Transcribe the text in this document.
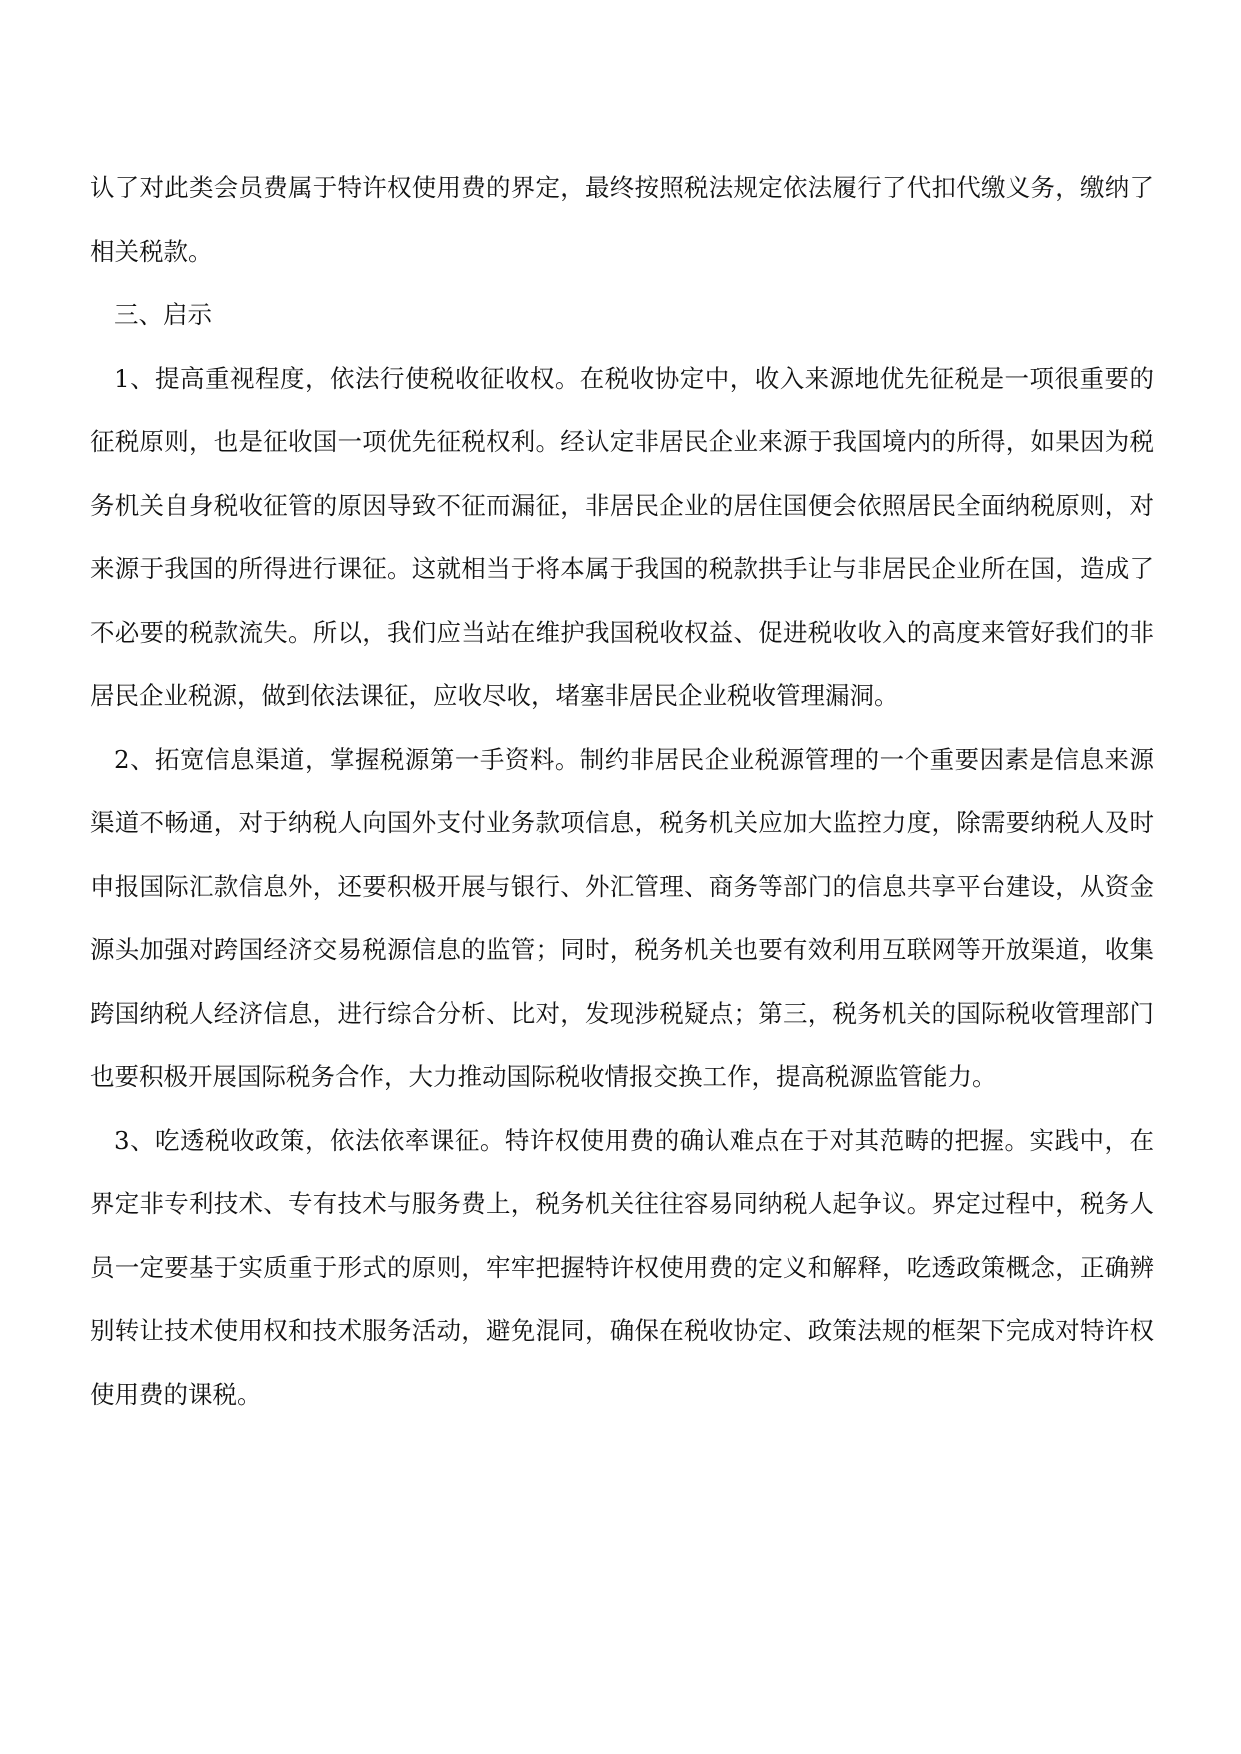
认了对此类会员费属于特许权使用费的界定，最终按照税法规定依法履行了代扣代缴义务，缴纳了相关税款。

三、启示

1、提高重视程度，依法行使税收征收权。在税收协定中，收入来源地优先征税是一项很重要的征税原则，也是征收国一项优先征税权利。经认定非居民企业来源于我国境内的所得，如果因为税务机关自身税收征管的原因导致不征而漏征，非居民企业的居住国便会依照居民全面纳税原则，对来源于我国的所得进行课征。这就相当于将本属于我国的税款拱手让与非居民企业所在国，造成了不必要的税款流失。所以，我们应当站在维护我国税收权益、促进税收收入的高度来管好我们的非居民企业税源，做到依法课征，应收尽收，堵塞非居民企业税收管理漏洞。

2、拓宽信息渠道，掌握税源第一手资料。制约非居民企业税源管理的一个重要因素是信息来源渠道不畅通，对于纳税人向国外支付业务款项信息，税务机关应加大监控力度，除需要纳税人及时申报国际汇款信息外，还要积极开展与银行、外汇管理、商务等部门的信息共享平台建设，从资金源头加强对跨国经济交易税源信息的监管；同时，税务机关也要有效利用互联网等开放渠道，收集跨国纳税人经济信息，进行综合分析、比对，发现涉税疑点；第三，税务机关的国际税收管理部门也要积极开展国际税务合作，大力推动国际税收情报交换工作，提高税源监管能力。

3、吃透税收政策，依法依率课征。特许权使用费的确认难点在于对其范畴的把握。实践中，在界定非专利技术、专有技术与服务费上，税务机关往往容易同纳税人起争议。界定过程中，税务人员一定要基于实质重于形式的原则，牢牢把握特许权使用费的定义和解释，吃透政策概念，正确辨别转让技术使用权和技术服务活动，避免混同，确保在税收协定、政策法规的框架下完成对特许权使用费的课税。
